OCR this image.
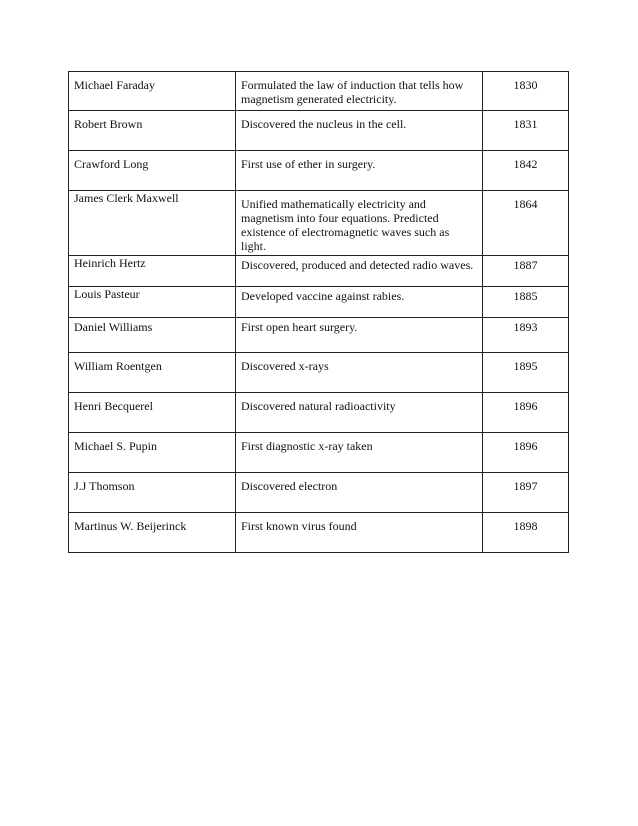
Michael Faraday	Formulated the law of induction that tells how magnetism generated electricity.	1830
Robert Brown	Discovered the nucleus in the cell.	1831
Crawford Long	First use of ether in surgery.	1842
James Clerk Maxwell	Unified mathematically electricity and magnetism into four equations. Predicted existence of electromagnetic waves such as light.	1864
Heinrich Hertz	Discovered, produced and detected radio waves.	1887
Louis Pasteur	Developed vaccine against rabies.	1885
Daniel Williams	First open heart surgery.	1893
William Roentgen	Discovered x-rays	1895
Henri Becquerel	Discovered natural radioactivity	1896
Michael S. Pupin	First diagnostic x-ray taken	1896
J.J Thomson	Discovered electron	1897
Martinus W. Beijerinck	First known virus found	1898
